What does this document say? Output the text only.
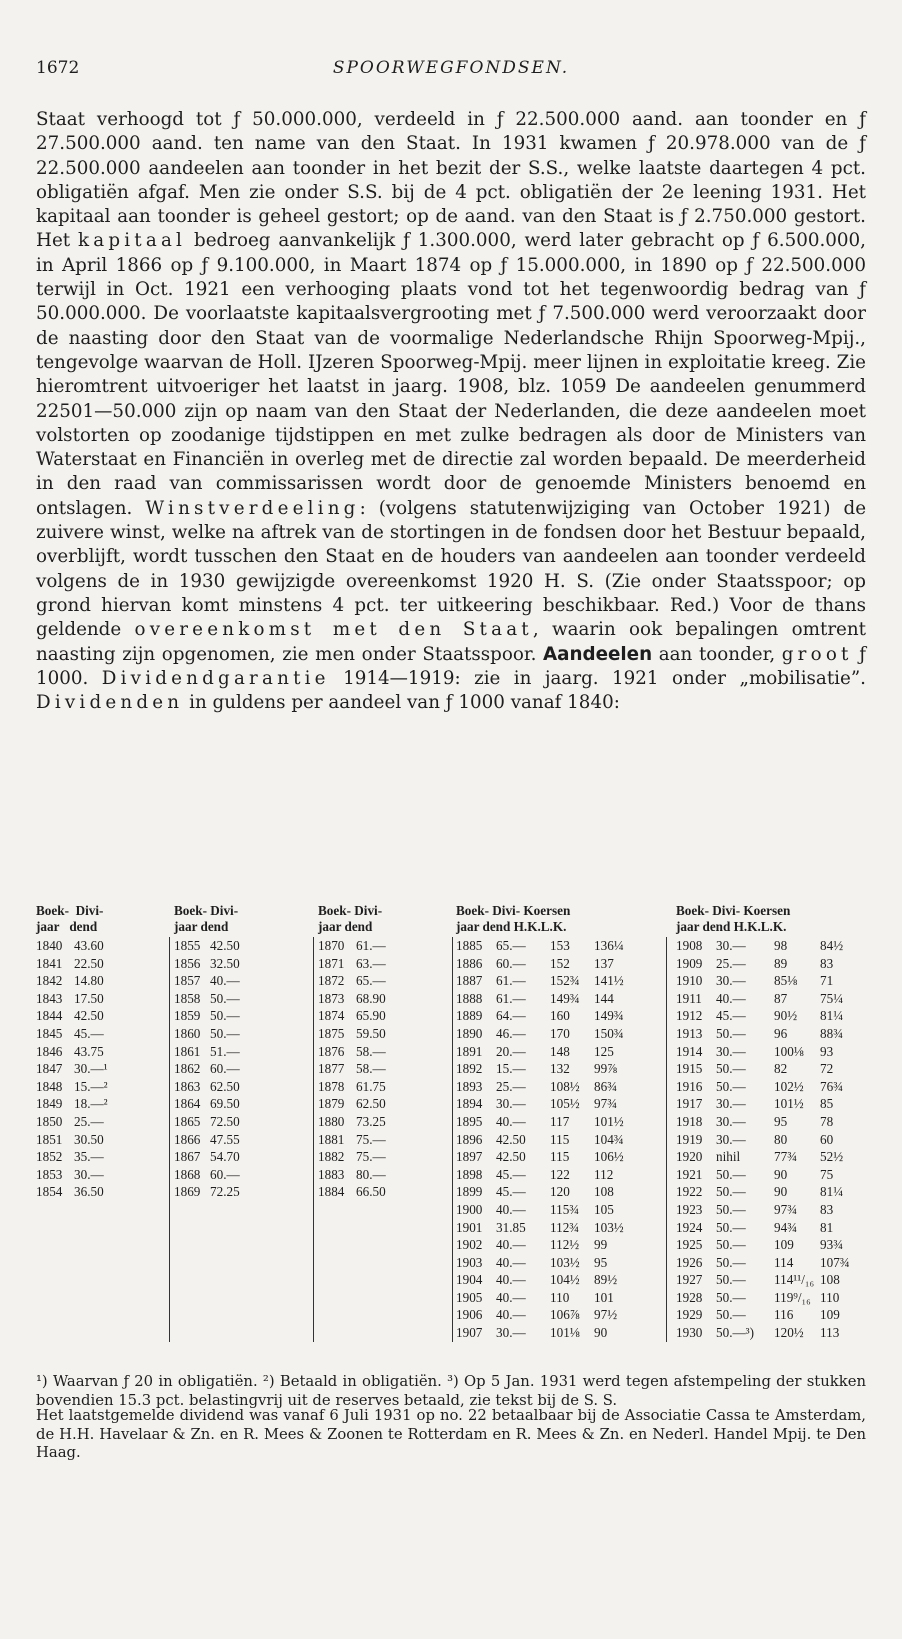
1672	SPOORWEGFONDSEN.

Staat verhoogd tot ƒ 50.000.000, verdeeld in ƒ 22.500.000 aand. aan toonder en ƒ 27.500.000 aand. ten name van den Staat. In 1931 kwamen ƒ 20.978.000 van de ƒ 22.500.000 aandeelen aan toonder in het bezit der S.S., welke laatste daartegen 4 pct. obligatiën afgaf. Men zie onder S.S. bij de 4 pct. obligatiën der 2e leening 1931. Het kapitaal aan toonder is geheel gestort; op de aand. van den Staat is ƒ 2.750.000 gestort. Het kapitaal bedroeg aanvankelijk ƒ 1.300.000, werd later gebracht op ƒ 6.500.000, in April 1866 op ƒ 9.100.000, in Maart 1874 op ƒ 15.000.000, in 1890 op ƒ 22.500.000 terwijl in Oct. 1921 een verhooging plaats vond tot het tegenwoordig bedrag van ƒ 50.000.000. De voorlaatste kapitaalsvergrooting met ƒ 7.500.000 werd veroorzaakt door de naasting door den Staat van de voormalige Nederlandsche Rhijn Spoorweg-Mpij., tengevolge waarvan de Holl. IJzeren Spoorweg-Mpij. meer lijnen in exploitatie kreeg. Zie hieromtrent uitvoeriger het laatst in jaarg. 1908, blz. 1059 De aandeelen genummerd 22501—50.000 zijn op naam van den Staat der Nederlanden, die deze aandeelen moet volstorten op zoodanige tijdstippen en met zulke bedragen als door de Ministers van Waterstaat en Financiën in overleg met de directie zal worden bepaald. De meerderheid in den raad van commissarissen wordt door de genoemde Ministers benoemd en ontslagen. Winstverdeeling: (volgens statutenwijziging van October 1921) de zuivere winst, welke na aftrek van de stortingen in de fondsen door het Bestuur bepaald, overblijft, wordt tusschen den Staat en de houders van aandeelen aan toonder verdeeld volgens de in 1930 gewijzigde overeenkomst 1920 H. S. (Zie onder Staatsspoor; op grond hiervan komt minstens 4 pct. ter uitkeering beschikbaar. Red.) Voor de thans geldende overeenkomst met den Staat, waarin ook bepalingen omtrent naasting zijn opgenomen, zie men onder Staatsspoor. Aandeelen aan toonder, groot ƒ 1000. Dividendgarantie 1914—1919: zie in jaarg. 1921 onder „mobilisatie”. Dividenden in guldens per aandeel van ƒ 1000 vanaf 1840:

Boek-  Divi-
jaar   dend
1840 43.60
1841 22.50
1842 14.80
1843 17.50
1844 42.50
1845 45.—
1846 43.75
1847 30.—¹
1848 15.—²
1849 18.—²
1850 25.—
1851 30.50
1852 35.—
1853 30.—
1854 36.50
Boek- Divi-
jaar dend
1855 42.50
1856 32.50
1857 40.—
1858 50.—
1859 50.—
1860 50.—
1861 51.—
1862 60.—
1863 62.50
1864 69.50
1865 72.50
1866 47.55
1867 54.70
1868 60.—
1869 72.25
Boek- Divi-
jaar dend
1870 61.—
1871 63.—
1872 65.—
1873 68.90
1874 65.90
1875 59.50
1876 58.—
1877 58.—
1878 61.75
1879 62.50
1880 73.25
1881 75.—
1882 75.—
1883 80.—
1884 66.50
Boek- Divi- Koersen
jaar dend H.K.L.K.
1885 65.— 153 136¼
1886 60.— 152 137
1887 61.— 152¾ 141½
1888 61.— 149¾ 144
1889 64.— 160 149¾
1890 46.— 170 150¾
1891 20.— 148 125
1892 15.— 132 99⅞
1893 25.— 108½ 86¾
1894 30.— 105½ 97¾
1895 40.— 117 101½
1896 42.50 115 104¾
1897 42.50 115 106½
1898 45.— 122 112
1899 45.— 120 108
1900 40.— 115¾ 105
1901 31.85 112¾ 103½
1902 40.— 112½ 99
1903 40.— 103½ 95
1904 40.— 104½ 89½
1905 40.— 110 101
1906 40.— 106⅞ 97½
1907 30.— 101⅛ 90
Boek- Divi- Koersen
jaar dend H.K.L.K.
1908 30.— 98 84½
1909 25.— 89 83
1910 30.— 85⅛ 71
1911 40.— 87 75¼
1912 45.— 90½ 81¼
1913 50.— 96 88¾
1914 30.— 100⅛ 93
1915 50.— 82 72
1916 50.— 102½ 76¾
1917 30.— 101½ 85
1918 30.— 95 78
1919 30.— 80 60
1920 nihil	77¾ 52½
1921 50.— 90 75
1922 50.— 90 81¼
1923 50.— 97¾ 83
1924 50.— 94¾ 81
1925 50.— 109 93¾
1926 50.— 114 107¾
1927 50.— 114¹¹/₁₆ 108
1928 50.— 119⁹/₁₆ 110
1929 50.— 116 109
1930 50.—³) 120½ 113

¹) Waarvan ƒ 20 in obligatiën. ²) Betaald in obligatiën. ³) Op 5 Jan. 1931 werd tegen afstempeling der stukken bovendien 15.3 pct. belastingvrij uit de reserves betaald, zie tekst bij de S. S.

Het laatstgemelde dividend was vanaf 6 Juli 1931 op no. 22 betaalbaar bij de Associatie Cassa te Amsterdam, de H.H. Havelaar & Zn. en R. Mees & Zoonen te Rotterdam en R. Mees & Zn. en Nederl. Handel Mpij. te Den Haag.
